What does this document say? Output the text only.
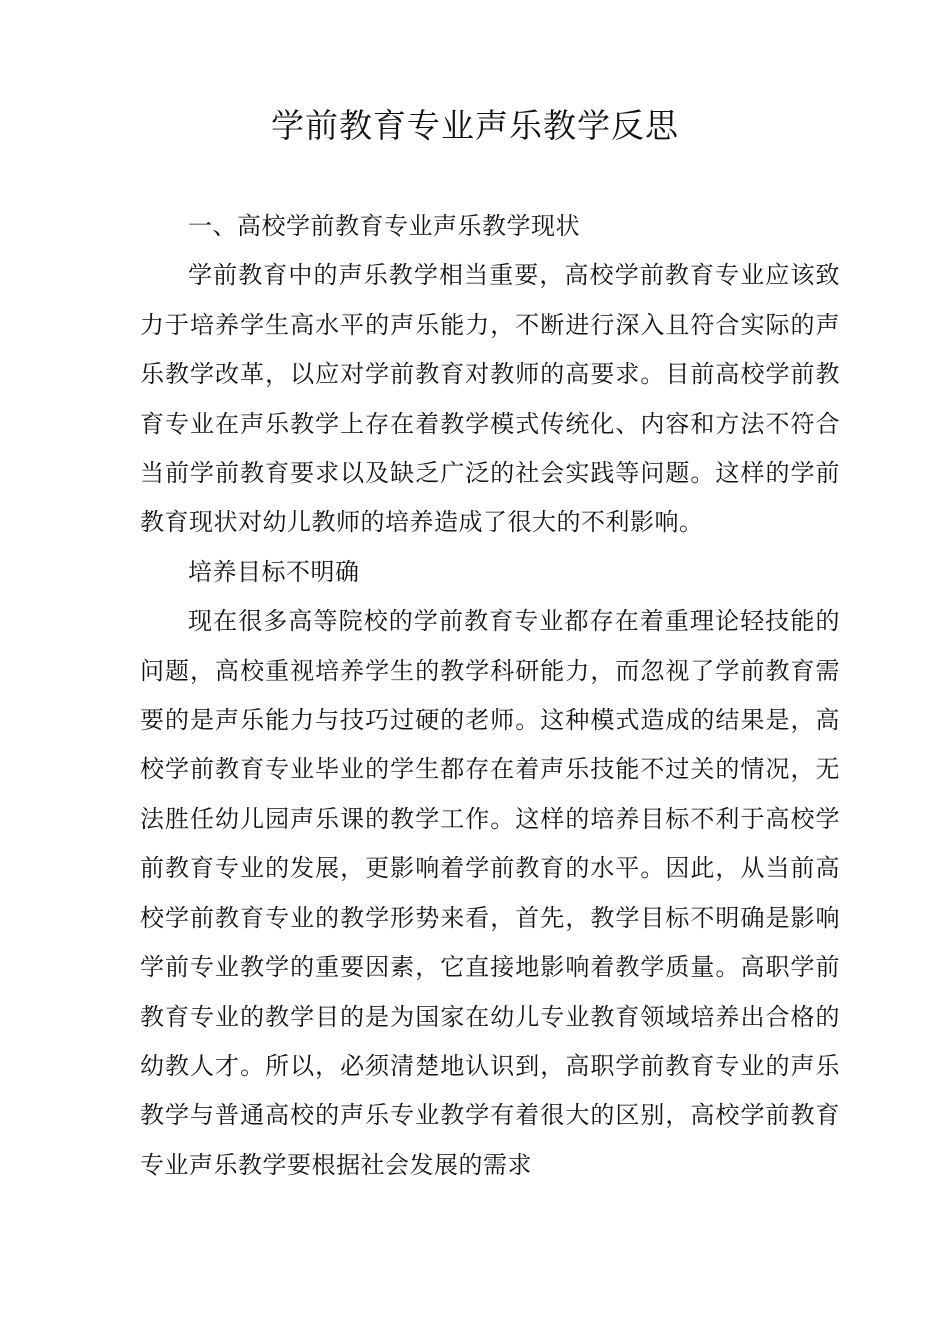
学前教育专业声乐教学反思

一、高校学前教育专业声乐教学现状

学前教育中的声乐教学相当重要，高校学前教育专业应该致力于培养学生高水平的声乐能力，不断进行深入且符合实际的声乐教学改革，以应对学前教育对教师的高要求。目前高校学前教育专业在声乐教学上存在着教学模式传统化、内容和方法不符合当前学前教育要求以及缺乏广泛的社会实践等问题。这样的学前教育现状对幼儿教师的培养造成了很大的不利影响。

培养目标不明确

现在很多高等院校的学前教育专业都存在着重理论轻技能的问题，高校重视培养学生的教学科研能力，而忽视了学前教育需要的是声乐能力与技巧过硬的老师。这种模式造成的结果是，高校学前教育专业毕业的学生都存在着声乐技能不过关的情况，无法胜任幼儿园声乐课的教学工作。这样的培养目标不利于高校学前教育专业的发展，更影响着学前教育的水平。因此，从当前高校学前教育专业的教学形势来看，首先，教学目标不明确是影响学前专业教学的重要因素，它直接地影响着教学质量。高职学前教育专业的教学目的是为国家在幼儿专业教育领域培养出合格的幼教人才。所以，必须清楚地认识到，高职学前教育专业的声乐教学与普通高校的声乐专业教学有着很大的区别，高校学前教育专业声乐教学要根据社会发展的需求
